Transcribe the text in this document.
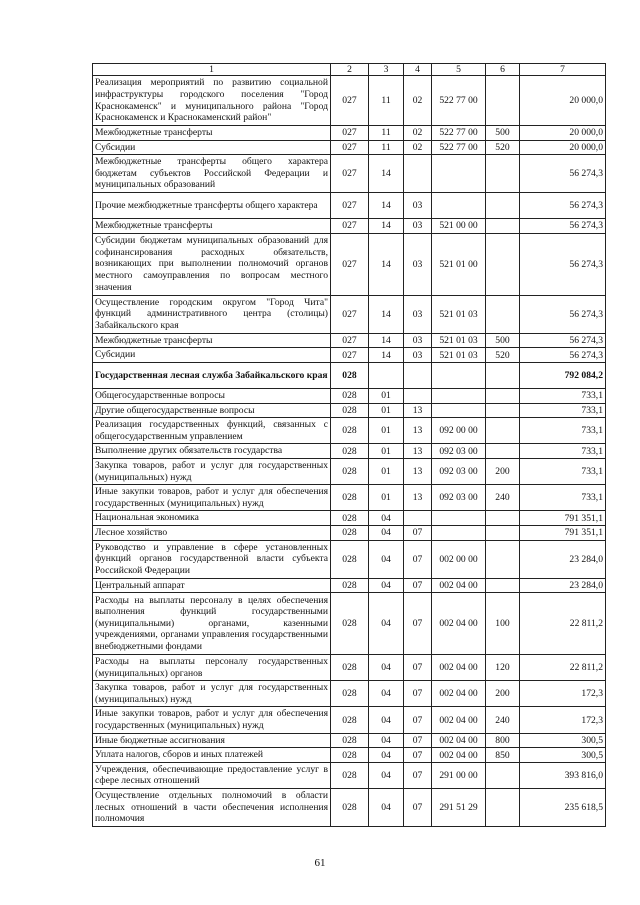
1	2	3	4	5	6	7
Реализация мероприятий по развитию социальной инфраструктуры городского поселения "Город Краснокаменск" и муниципального района "Город Краснокаменск и Краснокаменский район"	027	11	02	522 77 00		20 000,0
Межбюджетные трансферты	027	11	02	522 77 00	500	20 000,0
Субсидии	027	11	02	522 77 00	520	20 000,0
Межбюджетные трансферты общего характера бюджетам субъектов Российской Федерации и муниципальных образований	027	14				56 274,3
Прочие межбюджетные трансферты общего характера	027	14	03			56 274,3
Межбюджетные трансферты	027	14	03	521 00 00		56 274,3
Субсидии бюджетам муниципальных образований для софинансирования расходных обязательств, возникающих при выполнении полномочий органов местного самоуправления по вопросам местного значения	027	14	03	521 01 00		56 274,3
Осуществление городским округом "Город Чита" функций административного центра (столицы) Забайкальского края	027	14	03	521 01 03		56 274,3
Межбюджетные трансферты	027	14	03	521 01 03	500	56 274,3
Субсидии	027	14	03	521 01 03	520	56 274,3
Государственная лесная служба Забайкальского края	028					792 084,2
Общегосударственные вопросы	028	01				733,1
Другие общегосударственные вопросы	028	01	13			733,1
Реализация государственных функций, связанных с общегосударственным управлением	028	01	13	092 00 00		733,1
Выполнение других обязательств государства	028	01	13	092 03 00		733,1
Закупка товаров, работ и услуг для государственных (муниципальных) нужд	028	01	13	092 03 00	200	733,1
Иные закупки товаров, работ и услуг для обеспечения государственных (муниципальных) нужд	028	01	13	092 03 00	240	733,1
Национальная экономика	028	04				791 351,1
Лесное хозяйство	028	04	07			791 351,1
Руководство и управление в сфере установленных функций органов государственной власти субъекта Российской Федерации	028	04	07	002 00 00		23 284,0
Центральный аппарат	028	04	07	002 04 00		23 284,0
Расходы на выплаты персоналу в целях обеспечения выполнения функций государственными (муниципальными) органами, казенными учреждениями, органами управления государственными внебюджетными фондами	028	04	07	002 04 00	100	22 811,2
Расходы на выплаты персоналу государственных (муниципальных) органов	028	04	07	002 04 00	120	22 811,2
Закупка товаров, работ и услуг для государственных (муниципальных) нужд	028	04	07	002 04 00	200	172,3
Иные закупки товаров, работ и услуг для обеспечения государственных (муниципальных) нужд	028	04	07	002 04 00	240	172,3
Иные бюджетные ассигнования	028	04	07	002 04 00	800	300,5
Уплата налогов, сборов и иных платежей	028	04	07	002 04 00	850	300,5
Учреждения, обеспечивающие предоставление услуг в сфере лесных отношений	028	04	07	291 00 00		393 816,0
Осуществление отдельных полномочий в области лесных отношений в части обеспечения исполнения полномочия	028	04	07	291 51 29		235 618,5
61
